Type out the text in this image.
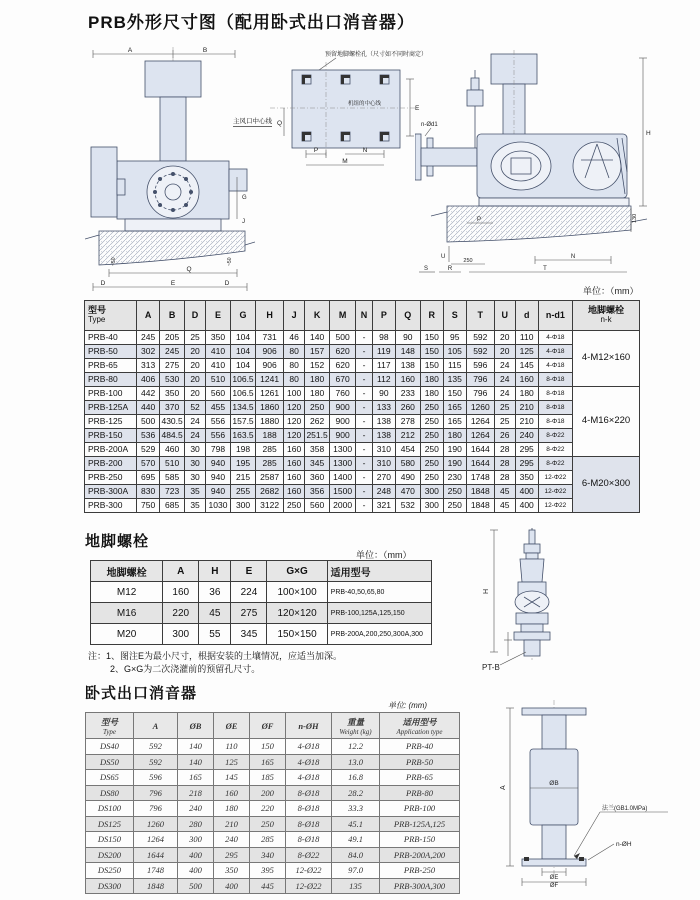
PRB外形尺寸图（配用卧式出口消音器）
A	B
G
J
~50	~50
Q
D	E	D
主风口中心线
预留地脚螺栓孔（尺寸如不同时商定）
机组的中心线
Q
E
P	N
M
H
n-Ød1
P
U
250
S	R
N
T
130
单位：（mm）
型号
Type	A	B	D	E	G	H	J	K	M	N	P	Q	R	S	T	U	d	n-d1	地脚螺栓
n-k

PRB-40	245	205	25	350	104	731	46	140	500	-	98	90	150	95	592	20	110	4-Φ18	4-M12×160
PRB-50	302	245	20	410	104	906	80	157	620	-	119	148	150	105	592	20	125	4-Φ18	
PRB-65	313	275	20	410	104	906	80	152	620	-	117	138	150	115	596	24	145	4-Φ18	
PRB-80	406	530	20	510	106.5	1241	80	180	670	-	112	160	180	135	796	24	160	8-Φ18	
PRB-100	442	350	20	560	106.5	1261	100	180	760	-	90	233	180	150	796	24	180	8-Φ18	4-M16×220
PRB-125A	440	370	52	455	134.5	1860	120	250	900	-	133	260	250	165	1260	25	210	8-Φ18	
PRB-125	500	430.5	24	556	157.5	1880	120	262	900	-	138	278	250	165	1264	25	210	8-Φ18	
PRB-150	536	484.5	24	556	163.5	188	120	251.5	900	-	138	212	250	180	1264	26	240	8-Φ22	
PRB-200A	529	460	30	798	198	285	160	358	1300	-	310	454	250	190	1644	28	295	8-Φ22	
PRB-200	570	510	30	940	195	285	160	345	1300	-	310	580	250	190	1644	28	295	8-Φ22	6-M20×300
PRB-250	695	585	30	940	215	2587	160	360	1400	-	270	490	250	230	1748	28	350	12-Φ22	
PRB-300A	830	723	35	940	255	2682	160	356	1500	-	248	470	300	250	1848	45	400	12-Φ22	
PRB-300	750	685	35	1030	300	3122	250	560	2000	-	321	532	300	250	1848	45	400	12-Φ22	
地脚螺栓
单位：（mm）
地脚螺栓	A	H	E	G×G	适用型号
M12	160	36	224	100×100	PRB-40,50,65,80
M16	220	45	275	120×120	PRB-100,125A,125,150
M20	300	55	345	150×150	PRB-200A,200,250,300A,300
注：1、图注E为最小尺寸，根据安装的土壤情况，应适当加深。
2、G×G为二次浇灌前的预留孔尺寸。
H
PT-B
卧式出口消音器
单位: (mm)
型号
Type	A	ØB	ØE	ØF	n-ØH	重量
Weight (kg)	适用型号
Application type

DS40	592	140	110	150	4-Ø18	12.2	PRB-40
DS50	592	140	125	165	4-Ø18	13.0	PRB-50
DS65	596	165	145	185	4-Ø18	16.8	PRB-65
DS80	796	218	160	200	8-Ø18	28.2	PRB-80
DS100	796	240	180	220	8-Ø18	33.3	PRB-100
DS125	1260	280	210	250	8-Ø18	45.1	PRB-125A,125
DS150	1264	300	240	285	8-Ø18	49.1	PRB-150
DS200	1644	400	295	340	8-Ø22	84.0	PRB-200A,200
DS250	1748	400	350	395	12-Ø22	97.0	PRB-250
DS300	1848	500	400	445	12-Ø22	135	PRB-300A,300
A
ØB
法兰(GB1.0MPa)
n-ØH
ØE
ØF
